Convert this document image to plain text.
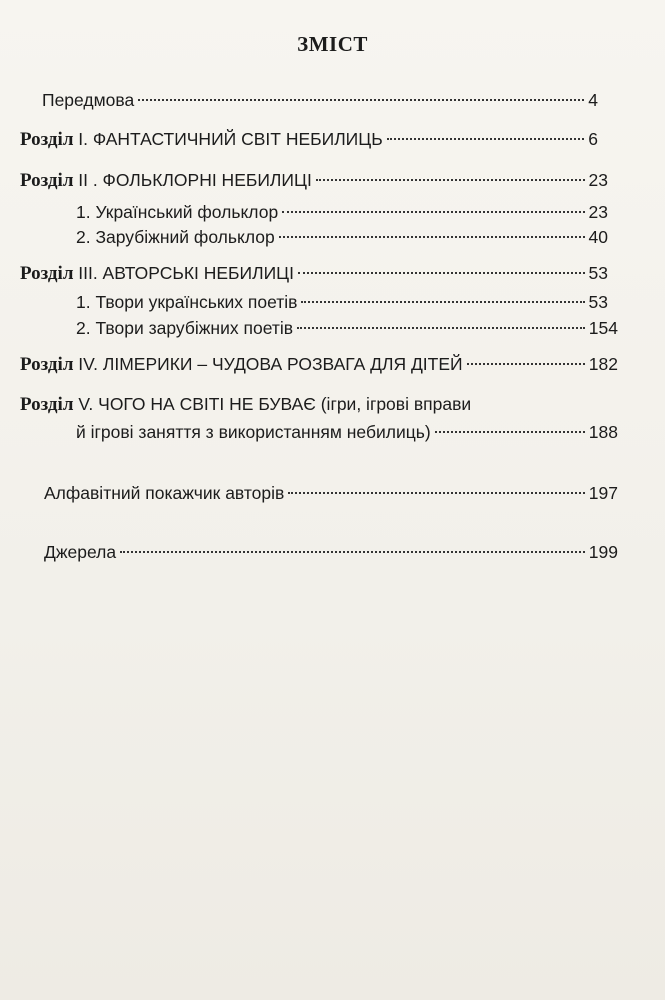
ЗМІСТ
Передмова	4
Розділ І. ФАНТАСТИЧНИЙ СВІТ НЕБИЛИЦЬ	6
Розділ ІІ . ФОЛЬКЛОРНІ НЕБИЛИЦІ	23
1. Український фольклор	23
2. Зарубіжний фольклор	40
Розділ ІІІ. АВТОРСЬКІ НЕБИЛИЦІ	53
1. Твори українських поетів	53
2. Твори зарубіжних поетів	154
Розділ IV. ЛІМЕРИКИ – ЧУДОВА РОЗВАГА ДЛЯ ДІТЕЙ	182
Розділ V. ЧОГО НА СВІТІ НЕ БУВАЄ (ігри, ігрові вправи
й ігрові заняття з використанням небилиць)	188
Алфавітний покажчик авторів	197
Джерела	199
